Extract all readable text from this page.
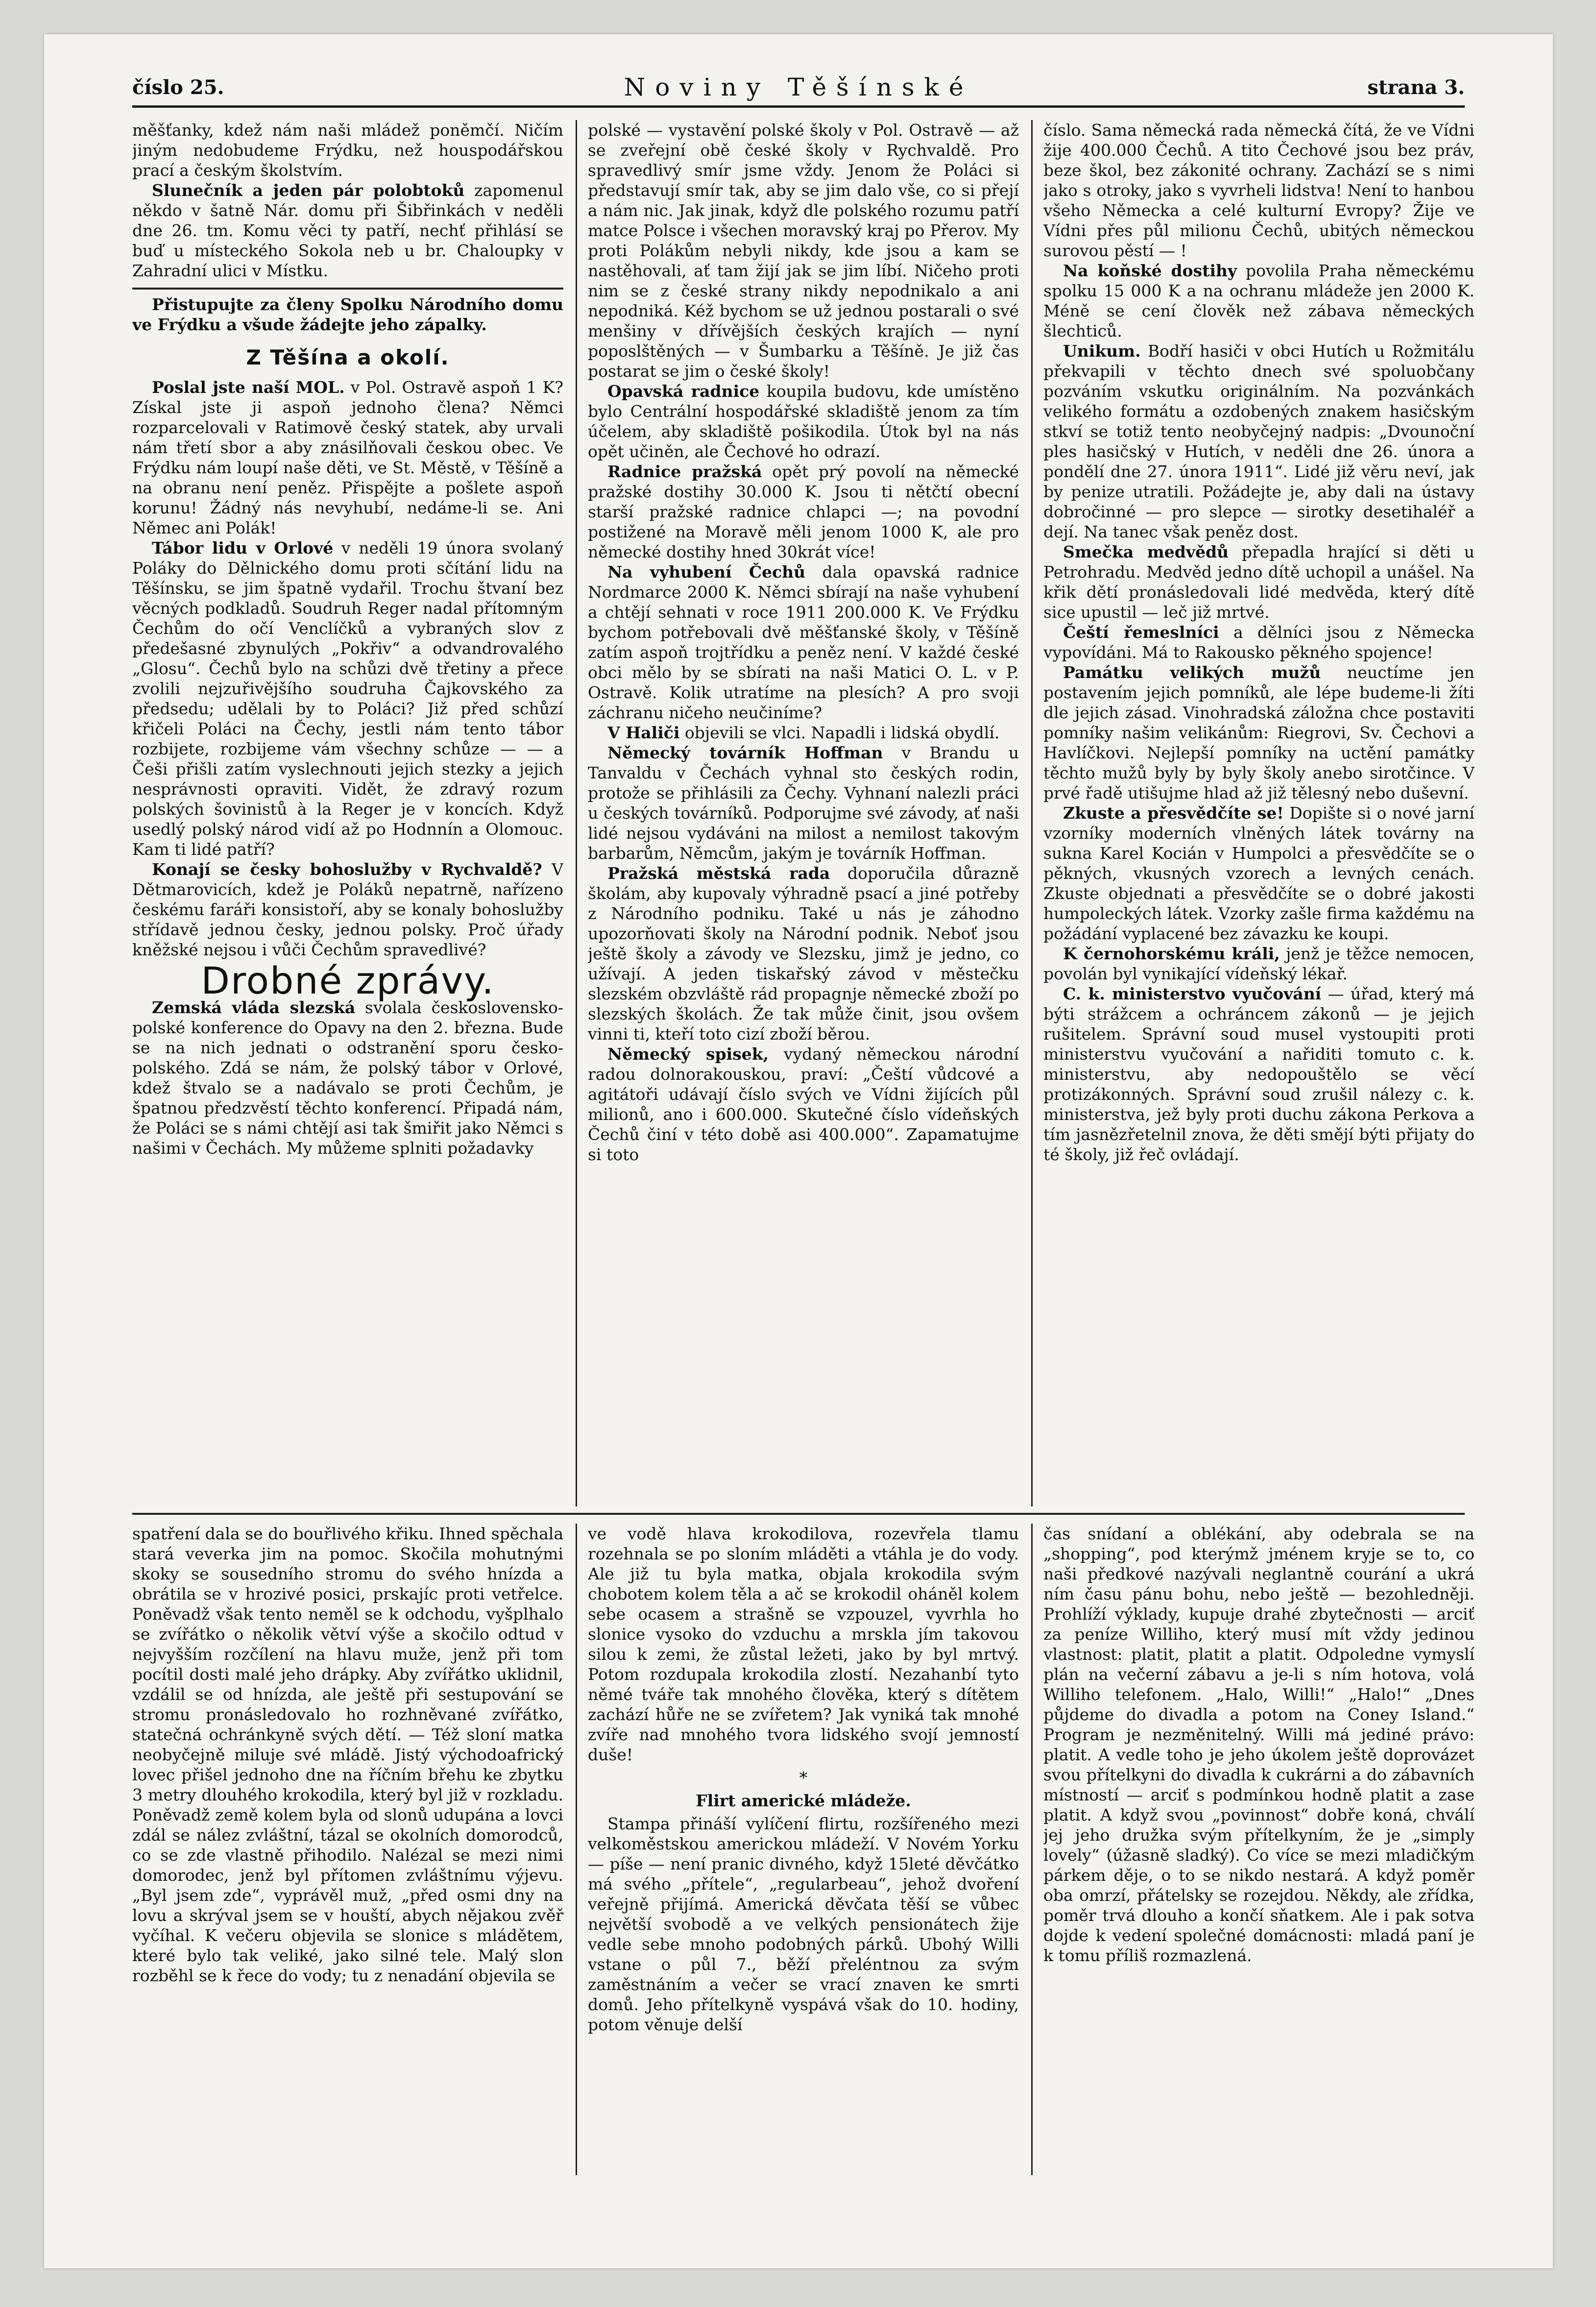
číslo 25.	Noviny Těšínské	strana 3.

měšťanky, kdež nám naši mládež poněmčí. Ničím jiným nedobudeme Frýdku, než houspodářskou prací a českým školstvím.

Slunečník a jeden pár polobtoků zapomenul někdo v šatně Nár. domu při Šibřinkách v neděli dne 26. tm. Komu věci ty patří, nechť přihlásí se buď u místeckého Sokola neb u br. Chaloupky v Zahradní ulici v Místku.

Přistupujte za členy Spolku Národního domu ve Frýdku a všude žádejte jeho zápalky.

Z Těšína a okolí.

Poslal jste naší MOL. v Pol. Ostravě aspoň 1 K? Získal jste ji aspoň jednoho člena? Němci rozparcelovali v Ratimově český statek, aby urvali nám třetí sbor a aby znásilňovali českou obec. Ve Frýdku nám loupí naše děti, ve St. Městě, v Těšíně a na obranu není peněz. Přispějte a pošlete aspoň korunu! Žádný nás nevyhubí, nedáme-li se. Ani Němec ani Polák!

Tábor lidu v Orlové v neděli 19 února svolaný Poláky do Dělnického domu proti sčítání lidu na Těšínsku, se jim špatně vydařil. Trochu štvaní bez věcných podkladů. Soudruh Reger nadal přítomným Čechům do očí Venclíčků a vybraných slov z předešasné zbynulých „Pokřiv“ a odvandrovalého „Glosu“. Čechů bylo na schůzi dvě třetiny a přece zvolili nejzuřivějšího soudruha Čajkovského za předsedu; udělali by to Poláci? Již před schůzí křičeli Poláci na Čechy, jestli nám tento tábor rozbijete, rozbijeme vám všechny schůze — — a Češi přišli zatím vyslechnouti jejich stezky a jejich nesprávnosti opraviti. Vidět, že zdravý rozum polských šovinistů à la Reger je v koncích. Když usedlý polský národ vidí až po Hodnnín a Olomouc. Kam ti lidé patří?

Konají se česky bohoslužby v Rychvaldě? V Dětmarovicích, kdež je Poláků nepatrně, nařízeno českému faráři konsistoří, aby se konaly bohoslužby střídavě jednou česky, jednou polsky. Proč úřady kněžské nejsou i vůči Čechům spravedlivé?

Drobné zprávy.

Zemská vláda slezská svolala československo-polské konference do Opavy na den 2. března. Bude se na nich jednati o odstranění sporu česko-polského. Zdá se nám, že polský tábor v Orlové, kdež štvalo se a nadávalo se proti Čechům, je špatnou předzvěstí těchto konferencí. Připadá nám, že Poláci se s námi chtějí asi tak šmiřit jako Němci s našimi v Čechách. My můžeme splniti požadavky

polské — vystavění polské školy v Pol. Ostravě — až se zveřejní obě české školy v Rychvaldě. Pro spravedlivý smír jsme vždy. Jenom že Poláci si představují smír tak, aby se jim dalo vše, co si přejí a nám nic. Jak jinak, když dle polského rozumu patří matce Polsce i všechen moravský kraj po Přerov. My proti Polákům nebyli nikdy, kde jsou a kam se nastěhovali, ať tam žijí jak se jim líbí. Ničeho proti nim se z české strany nikdy nepodnikalo a ani nepodniká. Kéž bychom se už jednou postarali o své menšiny v dřívějších českých krajích — nyní poposlštěných — v Šumbarku a Těšíně. Je již čas postarat se jim o české školy!

Opavská radnice koupila budovu, kde umístěno bylo Centrální hospodářské skladiště jenom za tím účelem, aby skladiště pošikodila. Útok byl na nás opět učiněn, ale Čechové ho odrazí.

Radnice pražská opět prý povolí na německé pražské dostihy 30.000 K. Jsou ti nětčtí obecní starší pražské radnice chlapci —; na povodní postižené na Moravě měli jenom 1000 K, ale pro německé dostihy hned 30krát více!

Na vyhubení Čechů dala opavská radnice Nordmarce 2000 K. Němci sbírají na naše vyhubení a chtějí sehnati v roce 1911 200.000 K. Ve Frýdku bychom potřebovali dvě měšťanské školy, v Těšíně zatím aspoň trojtřídku a peněz není. V každé české obci mělo by se sbírati na naši Matici O. L. v P. Ostravě. Kolik utratíme na plesích? A pro svoji záchranu ničeho neučiníme?

V Haliči objevili se vlci. Napadli i lidská obydlí.

Německý továrník Hoffman v Brandu u Tanvaldu v Čechách vyhnal sto českých rodin, protože se přihlásili za Čechy. Vyhnaní nalezli práci u českých továrníků. Podporujme své závody, ať naši lidé nejsou vydáváni na milost a nemilost takovým barbarům, Němcům, jakým je továrník Hoffman.

Pražská městská rada doporučila důrazně školám, aby kupovaly výhradně psací a jiné potřeby z Národního podniku. Také u nás je záhodno upozorňovati školy na Národní podnik. Neboť jsou ještě školy a závody ve Slezsku, jimž je jedno, co užívají. A jeden tiskařský závod v městečku slezském obzvláště rád propagnje německé zboží po slezských školách. Že tak může činit, jsou ovšem vinni ti, kteří toto cizí zboží běrou.

Německý spisek, vydaný německou národní radou dolnorakouskou, praví: „Čeští vůdcové a agitátoři udávají číslo svých ve Vídni žijících půl milionů, ano i 600.000. Skutečné číslo vídeňských Čechů činí v této době asi 400.000“. Zapamatujme si toto

číslo. Sama německá rada německá čítá, že ve Vídni žije 400.000 Čechů. A tito Čechové jsou bez práv, beze škol, bez zákonité ochrany. Zachází se s nimi jako s otroky, jako s vyvrheli lidstva! Není to hanbou všeho Německa a celé kulturní Evropy? Žije ve Vídni přes půl milionu Čechů, ubitých německou surovou pěstí — !

Na koňské dostihy povolila Praha německému spolku 15 000 K a na ochranu mládeže jen 2000 K. Méně se cení člověk než zábava německých šlechticů.

Unikum. Bodří hasiči v obci Hutích u Rožmitálu překvapili v těchto dnech své spoluobčany pozváním vskutku originálním. Na pozvánkách velikého formátu a ozdobených znakem hasičským stkví se totiž tento neobyčejný nadpis: „Dvounoční ples hasičský v Hutích, v neděli dne 26. února a pondělí dne 27. února 1911“. Lidé již věru neví, jak by penize utratili. Požádejte je, aby dali na ústavy dobročinné — pro slepce — sirotky desetihaléř a dejí. Na tanec však peněz dost.

Smečka medvědů přepadla hrající si děti u Petrohradu. Medvěd jedno dítě uchopil a unášel. Na křik dětí pronásledovali lidé medvěda, který dítě sice upustil — leč již mrtvé.

Čeští řemeslníci a dělníci jsou z Německa vypovídáni. Má to Rakousko pěkného spojence!

Památku velikých mužů neuctíme jen postavením jejich pomníků, ale lépe budeme-li žíti dle jejich zásad. Vinohradská záložna chce postaviti pomníky našim velikánům: Riegrovi, Sv. Čechovi a Havlíčkovi. Nejlepší pomníky na uctění památky těchto mužů byly by byly školy anebo sirotčince. V prvé řadě utišujme hlad až již tělesný nebo duševní.

Zkuste a přesvědčíte se! Dopište si o nové jarní vzorníky moderních vlněných látek továrny na sukna Karel Kocián v Humpolci a přesvědčíte se o pěkných, vkusných vzorech a levných cenách. Zkuste objednati a přesvědčíte se o dobré jakosti humpoleckých látek. Vzorky zašle firma každému na požádání vyplacené bez závazku ke koupi.

K černohorskému králi, jenž je těžce nemocen, povolán byl vynikající vídeňský lékař.

C. k. ministerstvo vyučování — úřad, který má býti strážcem a ochráncem zákonů — je jejich rušitelem. Správní soud musel vystoupiti proti ministerstvu vyučování a nařiditi tomuto c. k. ministerstvu, aby nedopouštělo se věcí protizákonných. Správní soud zrušil nálezy c. k. ministerstva, jež byly proti duchu zákona Perkova a tím jasnězřetelnil znova, že děti smějí býti přijaty do té školy, již řeč ovládají.

spatření dala se do bouřlivého křiku. Ihned spěchala stará veverka jim na pomoc. Skočila mohutnými skoky se sousedního stromu do svého hnízda a obrátila se v hrozivé posici, prskajíc proti vetřelce. Poněvadž však tento neměl se k odchodu, vyšplhalo se zvířátko o několik větví výše a skočilo odtud v nejvyšším rozčílení na hlavu muže, jenž při tom pocítil dosti malé jeho drápky. Aby zvířátko uklidnil, vzdálil se od hnízda, ale ještě při sestupování se stromu pronásledovalo ho rozhněvané zvířátko, statečná ochránkyně svých dětí. — Též sloní matka neobyčejně miluje své mládě. Jistý východoafrický lovec přišel jednoho dne na říčním břehu ke zbytku 3 metry dlouhého krokodila, který byl již v rozkladu. Poněvadž země kolem byla od slonů udupána a lovci zdál se nález zvláštní, tázal se okolních domorodců, co se zde vlastně přihodilo. Nalézal se mezi nimi domorodec, jenž byl přítomen zvláštnímu výjevu. „Byl jsem zde“, vyprávěl muž, „před osmi dny na lovu a skrýval jsem se v houští, abych nějakou zvěř vyčíhal. K večeru objevila se slonice s mládětem, které bylo tak veliké, jako silné tele. Malý slon rozběhl se k řece do vody; tu z nenadání objevila se

ve vodě hlava krokodilova, rozevřela tlamu rozehnala se po sloním mláděti a vtáhla je do vody. Ale již tu byla matka, objala krokodila svým chobotem kolem těla a ač se krokodil oháněl kolem sebe ocasem a strašně se vzpouzel, vyvrhla ho slonice vysoko do vzduchu a mrskla jím takovou silou k zemi, že zůstal ležeti, jako by byl mrtvý. Potom rozdupala krokodila zlostí. Nezahanbí tyto němé tváře tak mnohého člověka, který s dítětem zachází hůře ne se zvířetem? Jak vyniká tak mnohé zvíře nad mnohého tvora lidského svojí jemností duše!

*
Flirt americké mládeže.

Stampa přináší vylíčení flirtu, rozšířeného mezi velkoměstskou americkou mládeží. V Novém Yorku — píše — není pranic divného, když 15leté děvčátko má svého „přítele“, „regularbeau“, jehož dvoření veřejně přijímá. Americká děvčata těší se vůbec největší svobodě a ve velkých pensionátech žije vedle sebe mnoho podobných párků. Ubohý Willi vstane o půl 7., běží přeléntnou za svým zaměstnáním a večer se vrací znaven ke smrti domů. Jeho přítelkyně vyspává však do 10. hodiny, potom věnuje delší

čas snídaní a oblékání, aby odebrala se na „shopping“, pod kterýmž jménem kryje se to, co naši předkové nazývali neglantně courání a ukrá ním času pánu bohu, nebo ještě — bezohledněji. Prohlíží výklady, kupuje drahé zbytečnosti — arciť za peníze Williho, který musí mít vždy jedinou vlastnost: platit, platit a platit. Odpoledne vymyslí plán na večerní zábavu a je-li s ním hotova, volá Williho telefonem. „Halo, Willi!“ „Halo!“ „Dnes půjdeme do divadla a potom na Coney Island.“ Program je nezměnitelný. Willi má jediné právo: platit. A vedle toho je jeho úkolem ještě doprovázet svou přítelkyni do divadla k cukrárni a do zábavních místností — arciť s podmínkou hodně platit a zase platit. A když svou „povinnost“ dobře koná, chválí jej jeho družka svým přítelkyním, že je „simply lovely“ (úžasně sladký). Co více se mezi mladičkým párkem děje, o to se nikdo nestará. A když poměr oba omrzí, přátelsky se rozejdou. Někdy, ale zřídka, poměr trvá dlouho a končí sňatkem. Ale i pak sotva dojde k vedení společné domácnosti: mladá paní je k tomu příliš rozmazlená.
